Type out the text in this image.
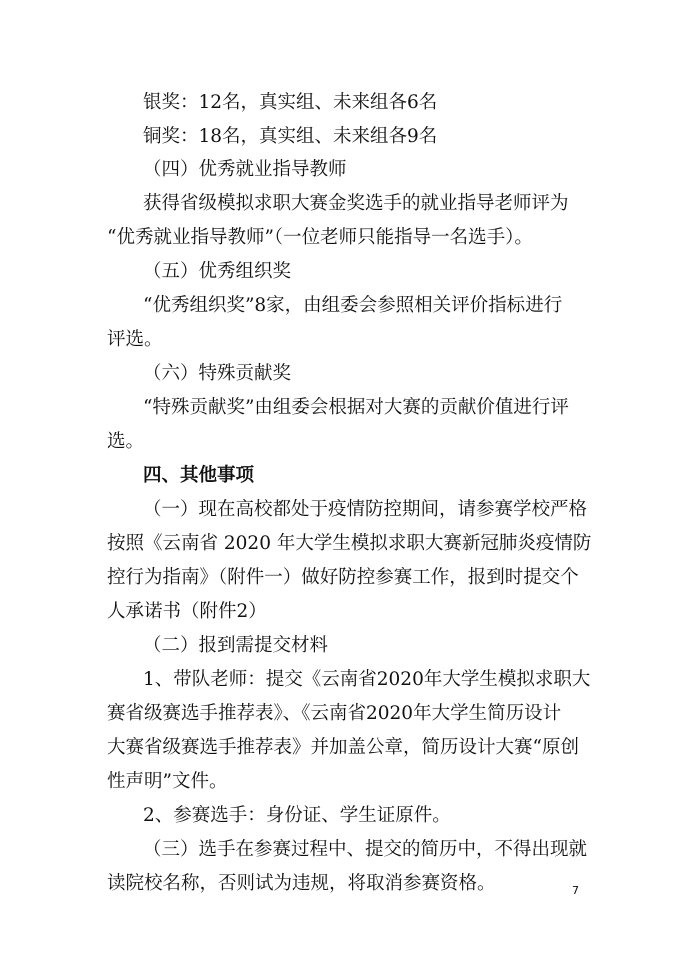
银奖：12名，真实组、未来组各6名
铜奖：18名，真实组、未来组各9名
（四）优秀就业指导教师
获得省级模拟求职大赛金奖选手的就业指导老师评为
“优秀就业指导教师”（一位老师只能指导一名选手）。
（五）优秀组织奖
“优秀组织奖”8家，由组委会参照相关评价指标进行
评选。
（六）特殊贡献奖
“特殊贡献奖”由组委会根据对大赛的贡献价值进行评
选。
四、其他事项
（一）现在高校都处于疫情防控期间，请参赛学校严格
按照《云南省 2020 年大学生模拟求职大赛新冠肺炎疫情防
控行为指南》（附件一）做好防控参赛工作，报到时提交个
人承诺书（附件2）
（二）报到需提交材料
1、带队老师：提交《云南省2020年大学生模拟求职大
赛省级赛选手推荐表》、《云南省2020年大学生简历设计
大赛省级赛选手推荐表》并加盖公章，简历设计大赛“原创
性声明”文件。
2、参赛选手：身份证、学生证原件。
（三）选手在参赛过程中、提交的简历中，不得出现就
读院校名称，否则试为违规，将取消参赛资格。	7
